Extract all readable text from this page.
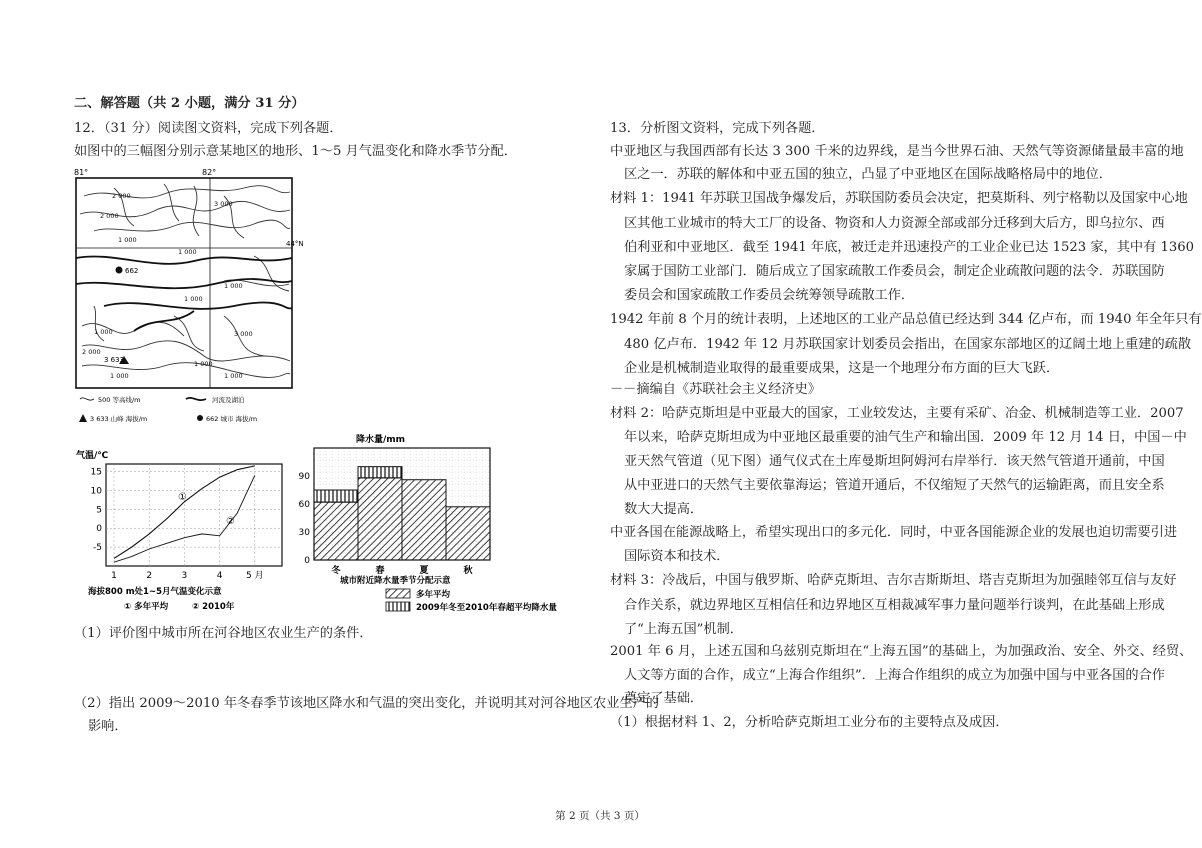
二、解答题（共 2 小题，满分 31 分）
12．（31 分）阅读图文资料，完成下列各题．
如图中的三幅图分别示意某地区的地形、1～5 月气温变化和降水季节分配．
81°	82°
44°N
2 000
3 000
2 000
1 000
1 000
1 000
1 000
3 000
1 000
2 000
1 000	1 000
1 000
662
3 633
500 等高线/m	河流及湖泊
3 633 山峰 海拔/m	662 城市 海拔/m
气温/℃
15
10
5
0
-5
1	2	3	4	5 月
①
②
海拔800 m处1~5月气温变化示意
① 多年平均	② 2010年
降水量/mm
90
60
30
0
冬	春	夏	秋
城市附近降水量季节分配示意
多年平均
2009年冬至2010年春超平均降水量
（1）评价图中城市所在河谷地区农业生产的条件．
（2）指出 2009～2010 年冬春季节该地区降水和气温的突出变化，并说明其对河谷地区农业生产的
影响．
13．分析图文资料，完成下列各题．
中亚地区与我国西部有长达 3 300 千米的边界线，是当今世界石油、天然气等资源储量最丰富的地
区之一．苏联的解体和中亚五国的独立，凸显了中亚地区在国际战略格局中的地位．
材料 1：1941 年苏联卫国战争爆发后，苏联国防委员会决定，把莫斯科、列宁格勒以及国家中心地
区其他工业城市的特大工厂的设备、物资和人力资源全部或部分迁移到大后方，即乌拉尔、西
伯利亚和中亚地区．截至 1941 年底，被迁走并迅速投产的工业企业已达 1523 家，其中有 1360
家属于国防工业部门．随后成立了国家疏散工作委员会，制定企业疏散问题的法令．苏联国防
委员会和国家疏散工作委员会统筹领导疏散工作．
1942 年前 8 个月的统计表明，上述地区的工业产品总值已经达到 344 亿卢布，而 1940 年全年只有
480 亿卢布．1942 年 12 月苏联国家计划委员会指出，在国家东部地区的辽阔土地上重建的疏散
企业是机械制造业取得的最重要成果，这是一个地理分布方面的巨大飞跃．
－－摘编自《苏联社会主义经济史》
材料 2：哈萨克斯坦是中亚最大的国家，工业较发达，主要有采矿、冶金、机械制造等工业．2007
年以来，哈萨克斯坦成为中亚地区最重要的油气生产和输出国．2009 年 12 月 14 日，中国－中
亚天然气管道（见下图）通气仪式在土库曼斯坦阿姆河右岸举行．该天然气管道开通前，中国
从中亚进口的天然气主要依靠海运；管道开通后，不仅缩短了天然气的运输距离，而且安全系
数大大提高．
中亚各国在能源战略上，希望实现出口的多元化．同时，中亚各国能源企业的发展也迫切需要引进
国际资本和技术．
材料 3：冷战后，中国与俄罗斯、哈萨克斯坦、吉尔吉斯斯坦、塔吉克斯坦为加强睦邻互信与友好
合作关系，就边界地区互相信任和边界地区互相裁减军事力量问题举行谈判，在此基础上形成
了“上海五国”机制．
2001 年 6 月，上述五国和乌兹别克斯坦在“上海五国”的基础上，为加强政治、安全、外交、经贸、
人文等方面的合作，成立“上海合作组织”．上海合作组织的成立为加强中国与中亚各国的合作
奠定了基础．
（1）根据材料 1、2，分析哈萨克斯坦工业分布的主要特点及成因．
第 2 页（共 3 页）
